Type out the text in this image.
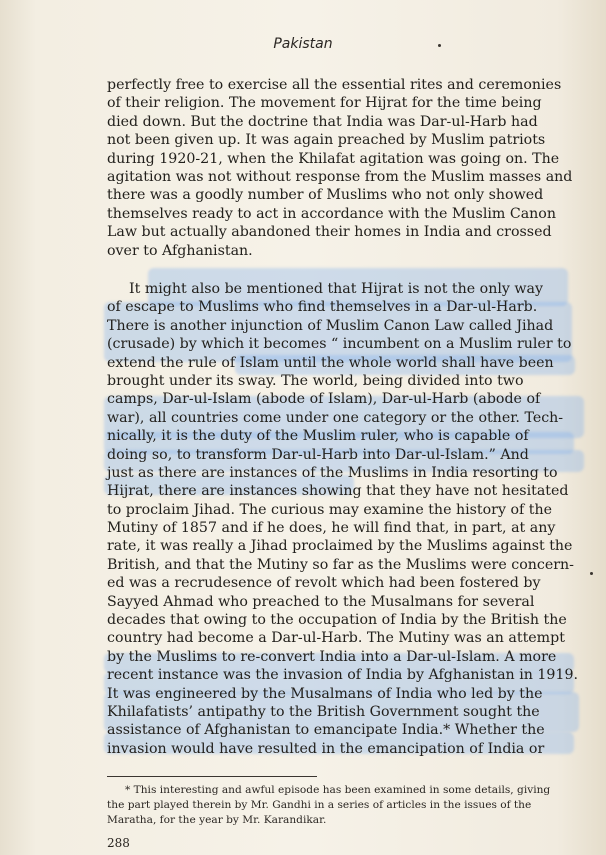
Pakistan
perfectly free to exercise all the essential rites and ceremonies
of their religion. The movement for Hijrat for the time being
died down. But the doctrine that India was Dar-ul-Harb had
not been given up. It was again preached by Muslim patriots
during 1920-21, when the Khilafat agitation was going on. The
agitation was not without response from the Muslim masses and
there was a goodly number of Muslims who not only showed
themselves ready to act in accordance with the Muslim Canon
Law but actually abandoned their homes in India and crossed
over to Afghanistan.
It might also be mentioned that Hijrat is not the only way
of escape to Muslims who find themselves in a Dar-ul-Harb.
There is another injunction of Muslim Canon Law called Jihad
(crusade) by which it becomes “ incumbent on a Muslim ruler to
extend the rule of Islam until the whole world shall have been
brought under its sway. The world, being divided into two
camps, Dar-ul-Islam (abode of Islam), Dar-ul-Harb (abode of
war), all countries come under one category or the other. Tech-
nically, it is the duty of the Muslim ruler, who is capable of
doing so, to transform Dar-ul-Harb into Dar-ul-Islam.” And
just as there are instances of the Muslims in India resorting to
Hijrat, there are instances showing that they have not hesitated
to proclaim Jihad. The curious may examine the history of the
Mutiny of 1857 and if he does, he will find that, in part, at any
rate, it was really a Jihad proclaimed by the Muslims against the
British, and that the Mutiny so far as the Muslims were concern-
ed was a recrudesence of revolt which had been fostered by
Sayyed Ahmad who preached to the Musalmans for several
decades that owing to the occupation of India by the British the
country had become a Dar-ul-Harb. The Mutiny was an attempt
by the Muslims to re-convert India into a Dar-ul-Islam. A more
recent instance was the invasion of India by Afghanistan in 1919.
It was engineered by the Musalmans of India who led by the
Khilafatists’ antipathy to the British Government sought the
assistance of Afghanistan to emancipate India.* Whether the
invasion would have resulted in the emancipation of India or
* This interesting and awful episode has been examined in some details, giving
the part played therein by Mr. Gandhi in a series of articles in the issues of the
Maratha, for the year by Mr. Karandikar.
288
